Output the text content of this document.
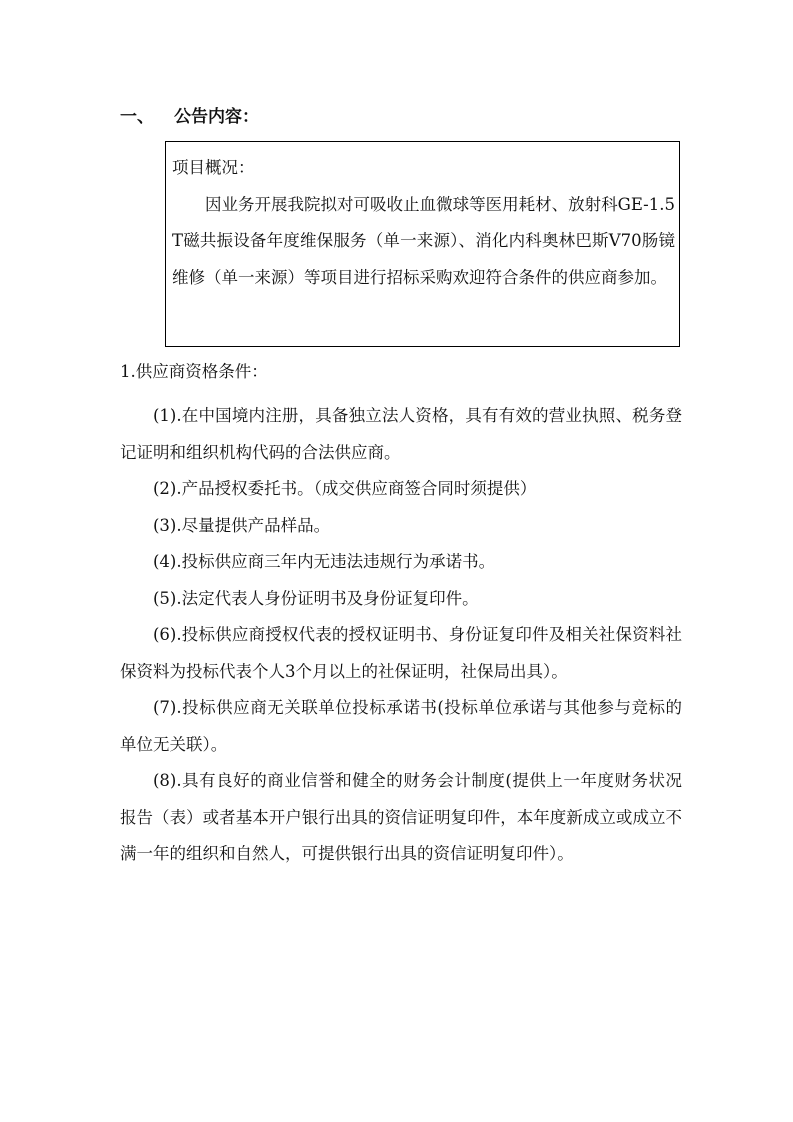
一、 公告内容：
项目概况：
因业务开展我院拟对可吸收止血微球等医用耗材、放射科GE-1.5T磁共振设备年度维保服务（单一来源）、消化内科奥林巴斯V70肠镜维修（单一来源）等项目进行招标采购欢迎符合条件的供应商参加。
1.供应商资格条件：

(1).在中国境内注册，具备独立法人资格，具有有效的营业执照、税务登记证明和组织机构代码的合法供应商。

(2).产品授权委托书。（成交供应商签合同时须提供）

(3).尽量提供产品样品。

(4).投标供应商三年内无违法违规行为承诺书。

(5).法定代表人身份证明书及身份证复印件。

(6).投标供应商授权代表的授权证明书、身份证复印件及相关社保资料社保资料为投标代表个人3个月以上的社保证明，社保局出具）。

(7).投标供应商无关联单位投标承诺书(投标单位承诺与其他参与竞标的单位无关联）。

(8).具有良好的商业信誉和健全的财务会计制度(提供上一年度财务状况报告（表）或者基本开户银行出具的资信证明复印件，本年度新成立或成立不满一年的组织和自然人，可提供银行出具的资信证明复印件）。
